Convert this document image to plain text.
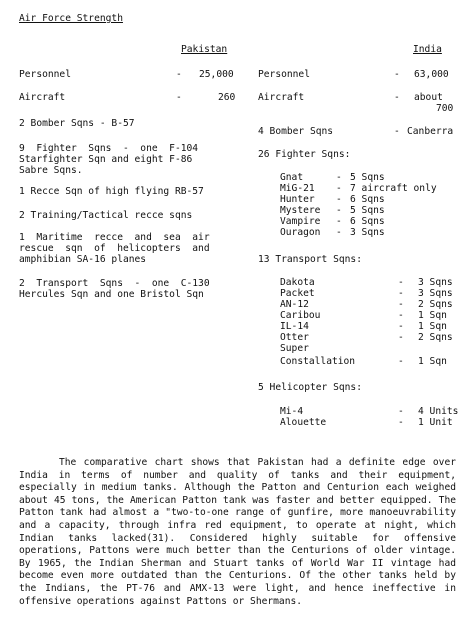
Air Force Strength
Pakistan	India
Personnel	- 25,000
Aircraft	-	260
2 Bomber Sqns - B-57
9  Fighter  Sqns  -  one  F-104
Starfighter Sqn and eight F-86
Sabre Sqns.
1 Recce Sqn of high flying RB-57
2 Training/Tactical recce sqns
1  Maritime  recce  and  sea  air
rescue  sqn  of  helicopters  and
amphibian SA-16 planes
2  Transport  Sqns  -  one  C-130
Hercules Sqn and one Bristol Sqn
Personnel	- 63,000
Aircraft	- about
700
4 Bomber Sqns	- Canberra
26 Fighter Sqns:
Gnat	- 5 Sqns
MiG-21 - 7 aircraft only
Hunter - 6 Sqns
Mystere - 5 Sqns
Vampire - 6 Sqns
Ouragon - 3 Sqns
13 Transport Sqns:
Dakota	- 3 Sqns
Packet	- 3 Sqns
AN-12	- 2 Sqns
Caribou	- 1 Sqn
IL-14	- 1 Sqn
Otter	- 2 Sqns
Super
Constallation	- 1 Sqn
5 Helicopter Sqns:
Mi-4	- 4 Units
Alouette	- 1 Unit

The comparative chart shows that Pakistan had a definite edge over India in terms of number and quality of tanks and their equipment, especially in medium tanks. Although the Patton and Centurion each weighed about 45 tons, the American Patton tank was faster and better equipped. The Patton tank had almost a "two-to-one range of gunfire, more manoeuvrability and a capacity, through infra red equipment, to operate at night, which Indian tanks lacked(31). Considered highly suitable for offensive operations, Pattons were much better than the Centurions of older vintage. By 1965, the Indian Sherman and Stuart tanks of World War II vintage had become even more outdated than the Centurions. Of the other tanks held by the Indians, the PT-76 and AMX-13 were light, and hence ineffective in offensive operations against Pattons or Shermans.
